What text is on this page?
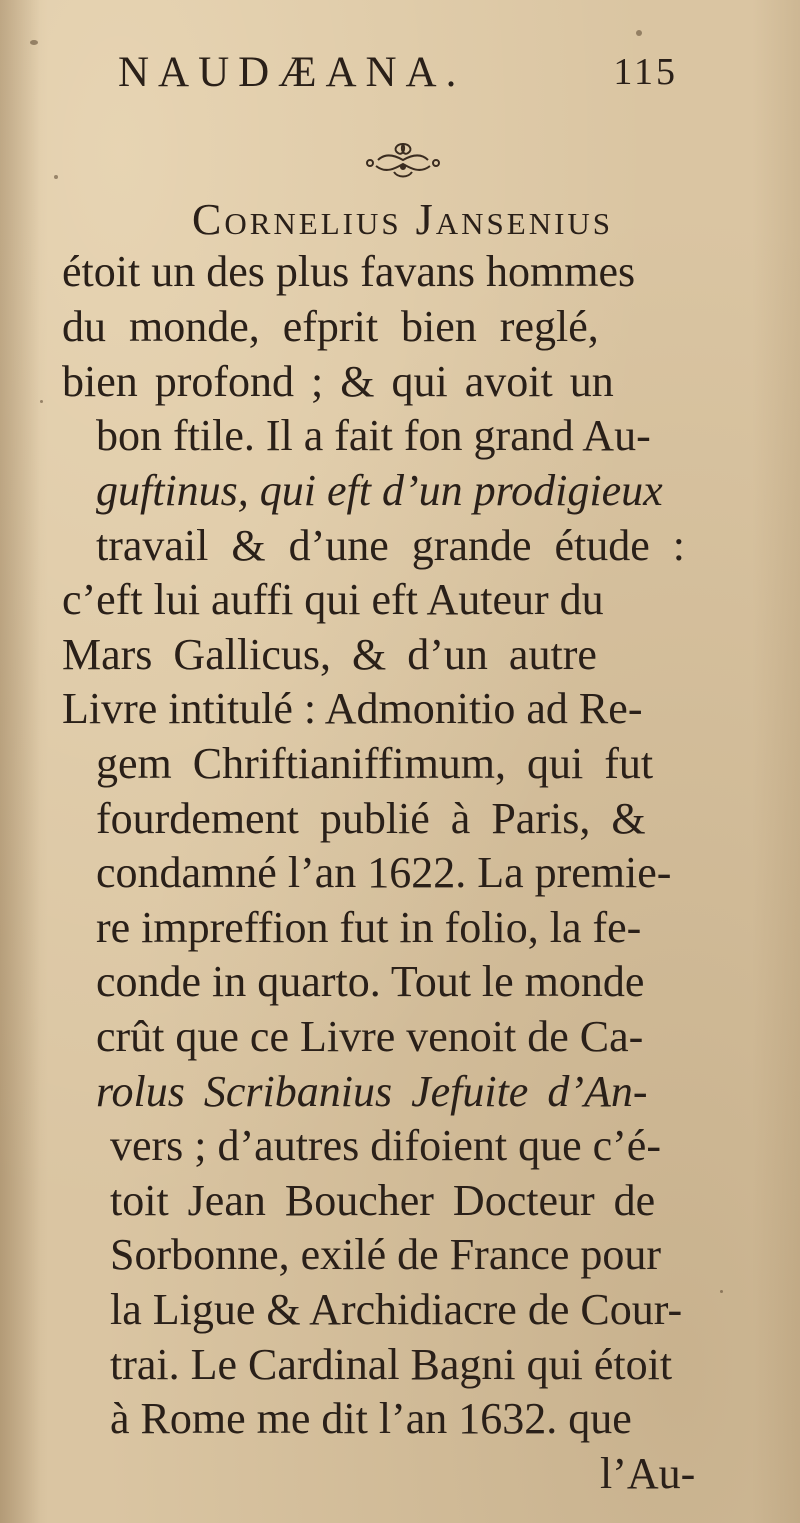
NAUDÆANA.	115
Cornelius Jansenius
étoit un des plus favans hommes
du monde, efprit bien reglé,
bien profond ; & qui avoit un
bon ftile. Il a fait fon grand Au-
guftinus, qui eft d’un prodigieux
travail & d’une grande étude :
c’eft lui auffi qui eft Auteur du
Mars Gallicus, & d’un autre
Livre intitulé : Admonitio ad Re-
gem Chriftianiffimum, qui fut
fourdement publié à Paris, &
condamné l’an 1622. La premie-
re impreffion fut in folio, la fe-
conde in quarto. Tout le monde
crût que ce Livre venoit de Ca-
rolus Scribanius Jefuite d’An-
vers ; d’autres difoient que c’é-
toit Jean Boucher Docteur de
Sorbonne, exilé de France pour
la Ligue & Archidiacre de Cour-
trai. Le Cardinal Bagni qui étoit
à Rome me dit l’an 1632. que
l’Au-
